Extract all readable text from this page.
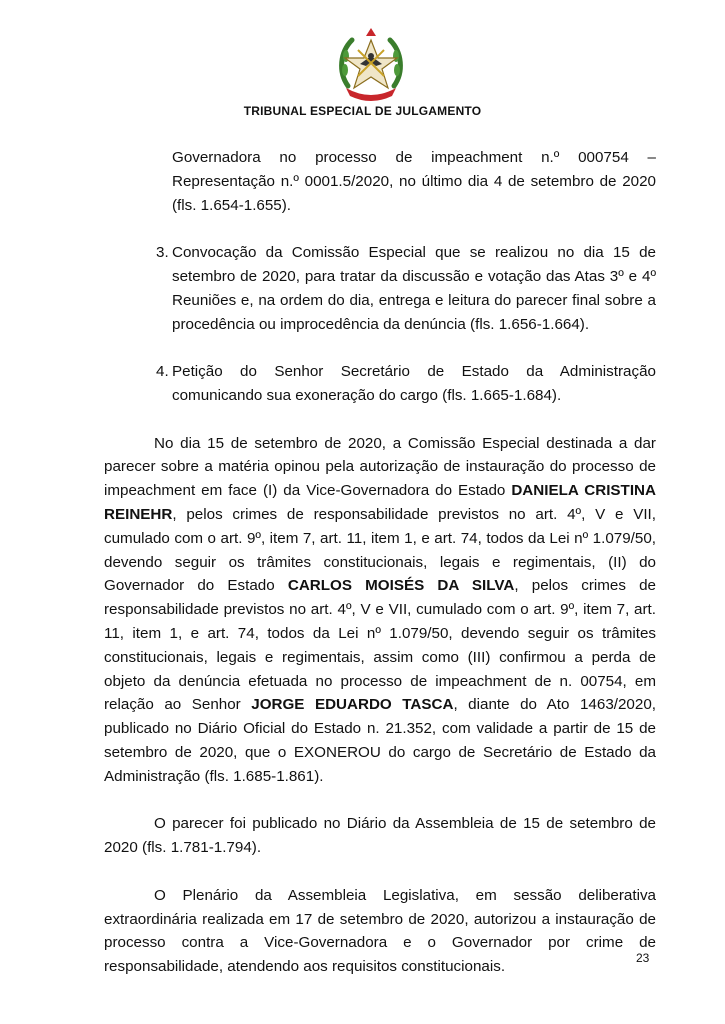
TRIBUNAL ESPECIAL DE JULGAMENTO

Governadora no processo de impeachment n.º 000754 – Representação n.º 0001.5/2020, no último dia 4 de setembro de 2020 (fls. 1.654-1.655).

3. Convocação da Comissão Especial que se realizou no dia 15 de setembro de 2020, para tratar da discussão e votação das Atas 3º e 4º Reuniões e, na ordem do dia, entrega e leitura do parecer final sobre a procedência ou improcedência da denúncia (fls. 1.656-1.664).

4. Petição do Senhor Secretário de Estado da Administração comunicando sua exoneração do cargo (fls. 1.665-1.684).

No dia 15 de setembro de 2020, a Comissão Especial destinada a dar parecer sobre a matéria opinou pela autorização de instauração do processo de impeachment em face (I) da Vice-Governadora do Estado DANIELA CRISTINA REINEHR, pelos crimes de responsabilidade previstos no art. 4º, V e VII, cumulado com o art. 9º, item 7, art. 11, item 1, e art. 74, todos da Lei nº 1.079/50, devendo seguir os trâmites constitucionais, legais e regimentais, (II) do Governador do Estado CARLOS MOISÉS DA SILVA, pelos crimes de responsabilidade previstos no art. 4º, V e VII, cumulado com o art. 9º, item 7, art. 11, item 1, e art. 74, todos da Lei nº 1.079/50, devendo seguir os trâmites constitucionais, legais e regimentais, assim como (III) confirmou a perda de objeto da denúncia efetuada no processo de impeachment de n. 00754, em relação ao Senhor JORGE EDUARDO TASCA, diante do Ato 1463/2020, publicado no Diário Oficial do Estado n. 21.352, com validade a partir de 15 de setembro de 2020, que o EXONEROU do cargo de Secretário de Estado da Administração (fls. 1.685-1.861).

O parecer foi publicado no Diário da Assembleia de 15 de setembro de 2020 (fls. 1.781-1.794).

O Plenário da Assembleia Legislativa, em sessão deliberativa extraordinária realizada em 17 de setembro de 2020, autorizou a instauração de processo contra a Vice-Governadora e o Governador por crime de responsabilidade, atendendo aos requisitos constitucionais.

23
